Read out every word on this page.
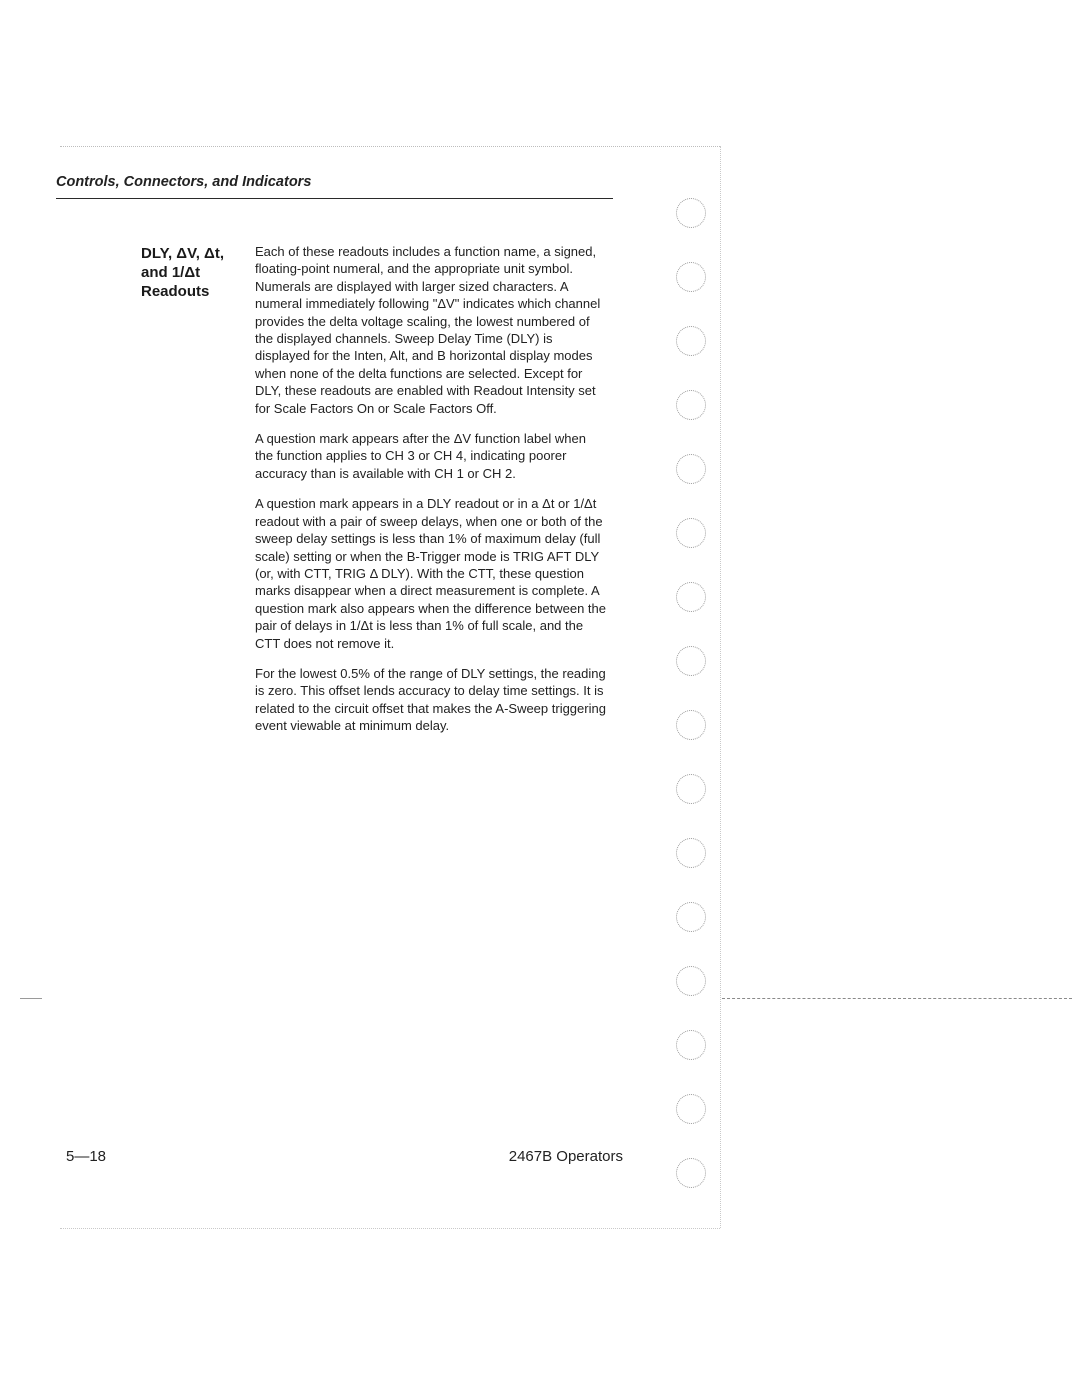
Controls, Connectors, and Indicators
DLY, ΔV, Δt,
and 1/Δt
Readouts

Each of these readouts includes a function name, a signed, floating-point numeral, and the appropriate unit symbol. Numerals are displayed with larger sized characters. A numeral immediately following "ΔV" indicates which channel provides the delta voltage scaling, the lowest numbered of the displayed channels. Sweep Delay Time (DLY) is displayed for the Inten, Alt, and B horizontal display modes when none of the delta functions are selected. Except for DLY, these readouts are enabled with Readout Intensity set for Scale Factors On or Scale Factors Off.

A question mark appears after the ΔV function label when the function applies to CH 3 or CH 4, indicating poorer accuracy than is available with CH 1 or CH 2.

A question mark appears in a DLY readout or in a Δt or 1/Δt readout with a pair of sweep delays, when one or both of the sweep delay settings is less than 1% of maximum delay (full scale) setting or when the B-Trigger mode is TRIG AFT DLY (or, with CTT, TRIG Δ DLY). With the CTT, these question marks disappear when a direct measurement is complete. A question mark also appears when the difference between the pair of delays in 1/Δt is less than 1% of full scale, and the CTT does not remove it.

For the lowest 0.5% of the range of DLY settings, the reading is zero. This offset lends accuracy to delay time settings. It is related to the circuit offset that makes the A-Sweep triggering event viewable at minimum delay.

5—18	2467B Operators
